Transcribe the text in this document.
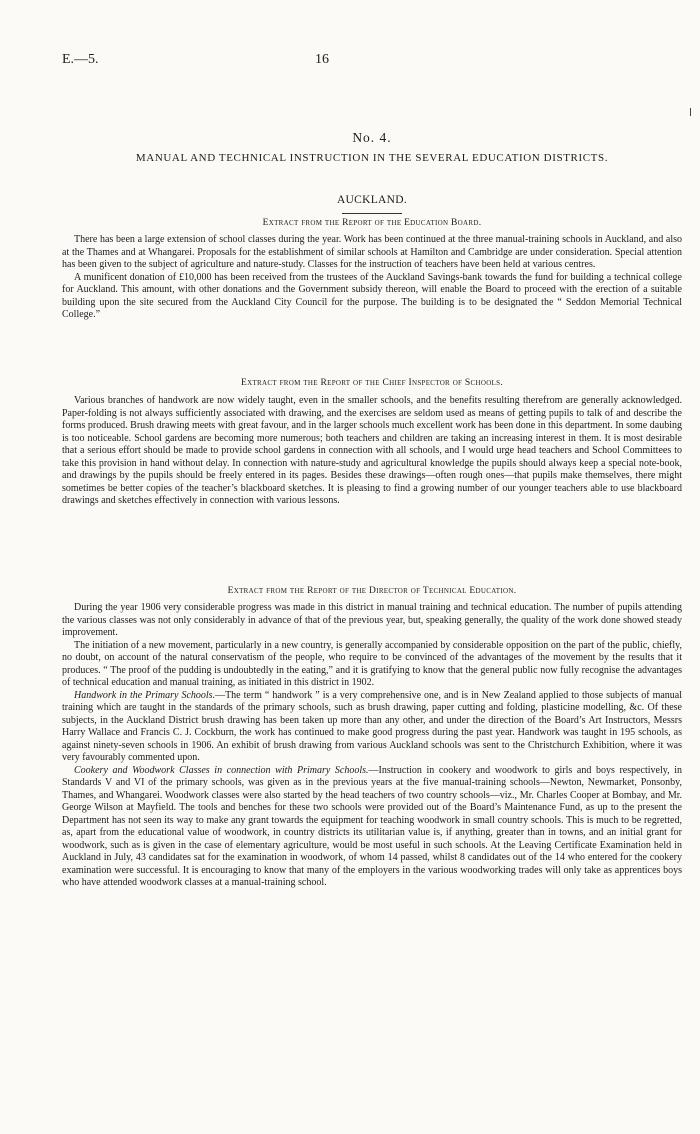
E.—5.	16
No. 4.
MANUAL AND TECHNICAL INSTRUCTION IN THE SEVERAL EDUCATION DISTRICTS.
AUCKLAND.
Extract from the Report of the Education Board.

There has been a large extension of school classes during the year. Work has been continued at the three manual-training schools in Auckland, and also at the Thames and at Whangarei. Proposals for the establishment of similar schools at Hamilton and Cambridge are under consideration. Special attention has been given to the subject of agriculture and nature-study. Classes for the instruction of teachers have been held at various centres.

A munificent donation of £10,000 has been received from the trustees of the Auckland Savings-bank towards the fund for building a technical college for Auckland. This amount, with other donations and the Government subsidy thereon, will enable the Board to proceed with the erection of a suitable building upon the site secured from the Auckland City Council for the purpose. The building is to be designated the “ Seddon Memorial Technical College.”

Extract from the Report of the Chief Inspector of Schools.

Various branches of handwork are now widely taught, even in the smaller schools, and the benefits resulting therefrom are generally acknowledged. Paper-folding is not always sufficiently associated with drawing, and the exercises are seldom used as means of getting pupils to talk of and describe the forms produced. Brush drawing meets with great favour, and in the larger schools much excellent work has been done in this department. In some daubing is too noticeable. School gardens are becoming more numerous; both teachers and children are taking an increasing interest in them. It is most desirable that a serious effort should be made to provide school gardens in connection with all schools, and I would urge head teachers and School Committees to take this provision in hand without delay. In connection with nature-study and agricultural knowledge the pupils should always keep a special note-book, and drawings by the pupils should be freely entered in its pages. Besides these drawings—often rough ones—that pupils make themselves, there might sometimes be better copies of the teacher’s blackboard sketches. It is pleasing to find a growing number of our younger teachers able to use blackboard drawings and sketches effectively in connection with various lessons.

Extract from the Report of the Director of Technical Education.

During the year 1906 very considerable progress was made in this district in manual training and technical education. The number of pupils attending the various classes was not only considerably in advance of that of the previous year, but, speaking generally, the quality of the work done showed steady improvement.

The initiation of a new movement, particularly in a new country, is generally accompanied by considerable opposition on the part of the public, chiefly, no doubt, on account of the natural conservatism of the people, who require to be convinced of the advantages of the movement by the results that it produces. “ The proof of the pudding is undoubtedly in the eating,” and it is gratifying to know that the general public now fully recognise the advantages of technical education and manual training, as initiated in this district in 1902.

Handwork in the Primary Schools.—The term “ handwork ” is a very comprehensive one, and is in New Zealand applied to those subjects of manual training which are taught in the standards of the primary schools, such as brush drawing, paper cutting and folding, plasticine modelling, &c. Of these subjects, in the Auckland District brush drawing has been taken up more than any other, and under the direction of the Board’s Art Instructors, Messrs Harry Wallace and Francis C. J. Cockburn, the work has continued to make good progress during the past year. Handwork was taught in 195 schools, as against ninety-seven schools in 1906. An exhibit of brush drawing from various Auckland schools was sent to the Christchurch Exhibition, where it was very favourably commented upon.

Cookery and Woodwork Classes in connection with Primary Schools.—Instruction in cookery and woodwork to girls and boys respectively, in Standards V and VI of the primary schools, was given as in the previous years at the five manual-training schools—Newton, Newmarket, Ponsonby, Thames, and Whangarei. Woodwork classes were also started by the head teachers of two country schools—viz., Mr. Charles Cooper at Bombay, and Mr. George Wilson at Mayfield. The tools and benches for these two schools were provided out of the Board’s Maintenance Fund, as up to the present the Department has not seen its way to make any grant towards the equipment for teaching woodwork in small country schools. This is much to be regretted, as, apart from the educational value of woodwork, in country districts its utilitarian value is, if anything, greater than in towns, and an initial grant for woodwork, such as is given in the case of elementary agriculture, would be most useful in such schools. At the Leaving Certificate Examination held in Auckland in July, 43 candidates sat for the examination in woodwork, of whom 14 passed, whilst 8 candidates out of the 14 who entered for the cookery examination were successful. It is encouraging to know that many of the employers in the various woodworking trades will only take as apprentices boys who have attended woodwork classes at a manual-training school.
